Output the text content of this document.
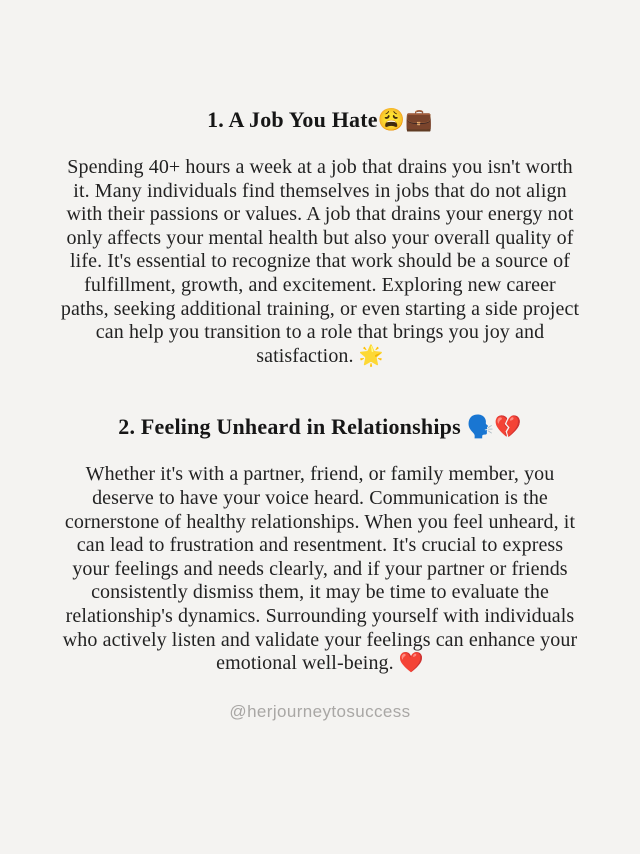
1. A Job You Hate😩💼

Spending 40+ hours a week at a job that drains you isn't worth it. Many individuals find themselves in jobs that do not align with their passions or values. A job that drains your energy not only affects your mental health but also your overall quality of life. It's essential to recognize that work should be a source of fulfillment, growth, and excitement. Exploring new career paths, seeking additional training, or even starting a side project can help you transition to a role that brings you joy and satisfaction. 🌟

2. Feeling Unheard in Relationships 🗣️💔

Whether it's with a partner, friend, or family member, you deserve to have your voice heard. Communication is the cornerstone of healthy relationships. When you feel unheard, it can lead to frustration and resentment. It's crucial to express your feelings and needs clearly, and if your partner or friends consistently dismiss them, it may be time to evaluate the relationship's dynamics. Surrounding yourself with individuals who actively listen and validate your feelings can enhance your emotional well-being. ❤️

@herjourneytosuccess
